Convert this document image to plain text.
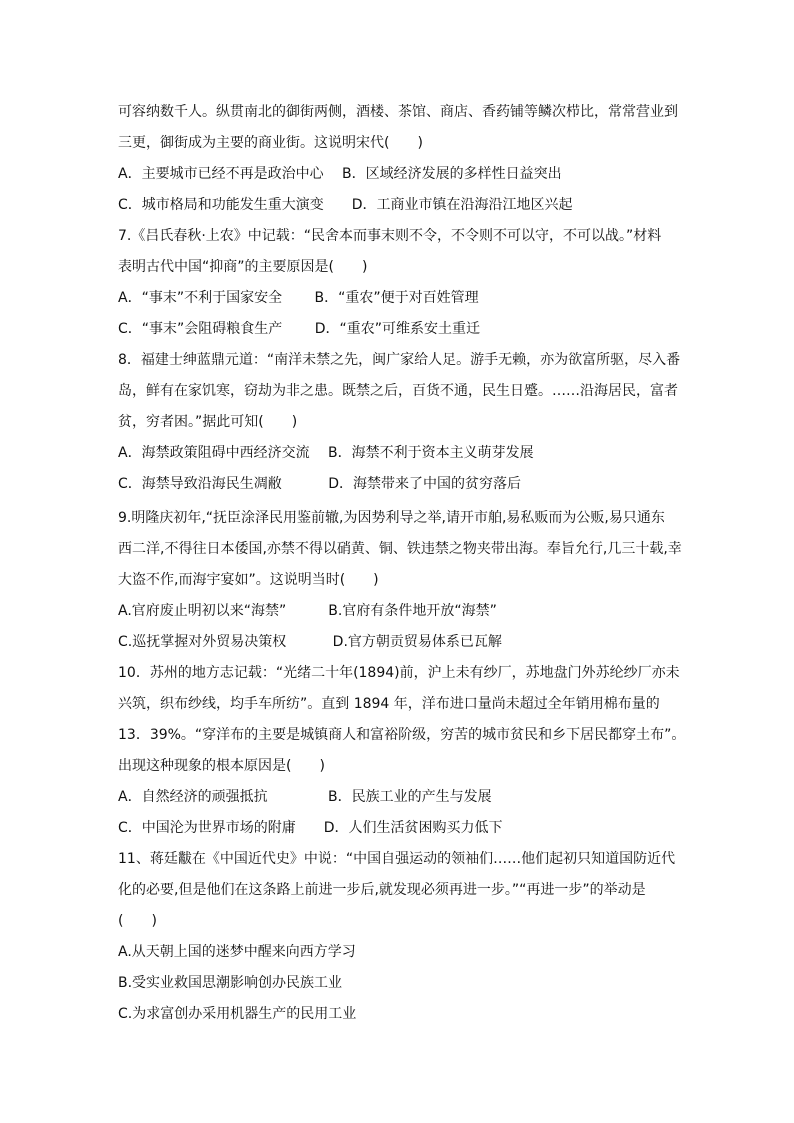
可容纳数千人。纵贯南北的御街两侧，酒楼、茶馆、商店、香药铺等鳞次栉比，常常营业到
三更，御街成为主要的商业街。这说明宋代(　　)
A．主要城市已经不再是政治中心　 B．区域经济发展的多样性日益突出
C．城市格局和功能发生重大演变　　D．工商业市镇在沿海沿江地区兴起
7.《吕氏春秋·上农》中记载：“民舍本而事末则不令，不令则不可以守，不可以战。”材料
表明古代中国“抑商”的主要原因是(　　)
A．“事末”不利于国家安全　　 B．“重农”便于对百姓管理
C．“事末”会阻碍粮食生产　　 D．“重农”可维系安土重迁
8．福建士绅蓝鼎元道：“南洋未禁之先，闽广家给人足。游手无赖，亦为欲富所驱，尽入番
岛，鲜有在家饥寒，窃劫为非之患。既禁之后，百货不通，民生日蹙。……沿海居民，富者
贫，穷者困。”据此可知(　　)
A．海禁政策阻碍中西经济交流　 B．海禁不利于资本主义萌芽发展
C．海禁导致沿海民生凋敝　　　 D．海禁带来了中国的贫穷落后
9.明隆庆初年,“抚臣涂泽民用鉴前辙,为因势利导之举,请开市舶,易私贩而为公贩,易只通东
西二洋,不得往日本倭国,亦禁不得以硝黄、铜、铁违禁之物夹带出海。奉旨允行,几三十载,幸
大盗不作,而海宇宴如”。这说明当时(　　)
A.官府废止明初以来“海禁”　　　B.官府有条件地开放“海禁”
C.巡抚掌握对外贸易决策权　　　 D.官方朝贡贸易体系已瓦解
10．苏州的地方志记载：“光绪二十年(1894)前，沪上未有纱厂，苏地盘门外苏纶纱厂亦未
兴筑，织布纱线，均手车所纺”。直到 1894 年，洋布进口量尚未超过全年销用棉布量的
13．39%。“穿洋布的主要是城镇商人和富裕阶级，穷苦的城市贫民和乡下居民都穿土布”。
出现这种现象的根本原因是(　　)
A．自然经济的顽强抵抗　　　　 B．民族工业的产生与发展
C．中国沦为世界市场的附庸　　D．人们生活贫困购买力低下
11、蒋廷黻在《中国近代史》中说：“中国自强运动的领袖们……他们起初只知道国防近代
化的必要,但是他们在这条路上前进一步后,就发现必须再进一步。”“再进一步”的举动是
(　　)
A.从天朝上国的迷梦中醒来向西方学习
B.受实业救国思潮影响创办民族工业
C.为求富创办采用机器生产的民用工业
